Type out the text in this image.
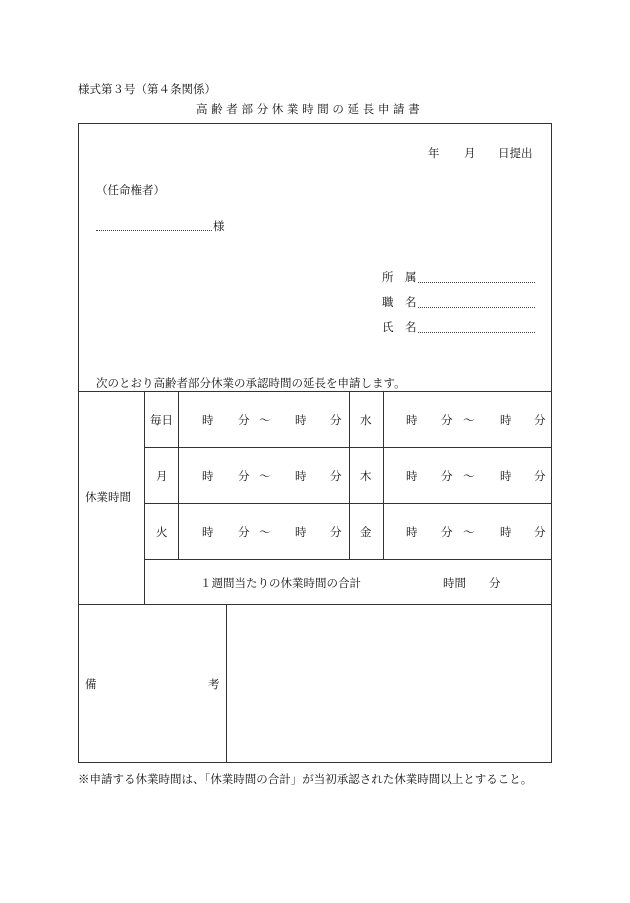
様式第３号（第４条関係）
高 齢 者 部 分 休 業 時 間 の 延 長 申 請 書
年 月 日提出
（任命権者）
様
所　属
職　名
氏　名
次のとおり高齢者部分休業の承認時間の延長を申請します。
休業時間
毎日	時 分 ～ 時 分 水	時 分 ～ 時 分
月	時 分 ～ 時 分 木	時 分 ～ 時 分
火	時 分 ～ 時 分 金	時 分 ～ 時 分
１週間当たりの休業時間の合計	時間 分
備	考
※申請する休業時間は、「休業時間の合計」が当初承認された休業時間以上とすること。
